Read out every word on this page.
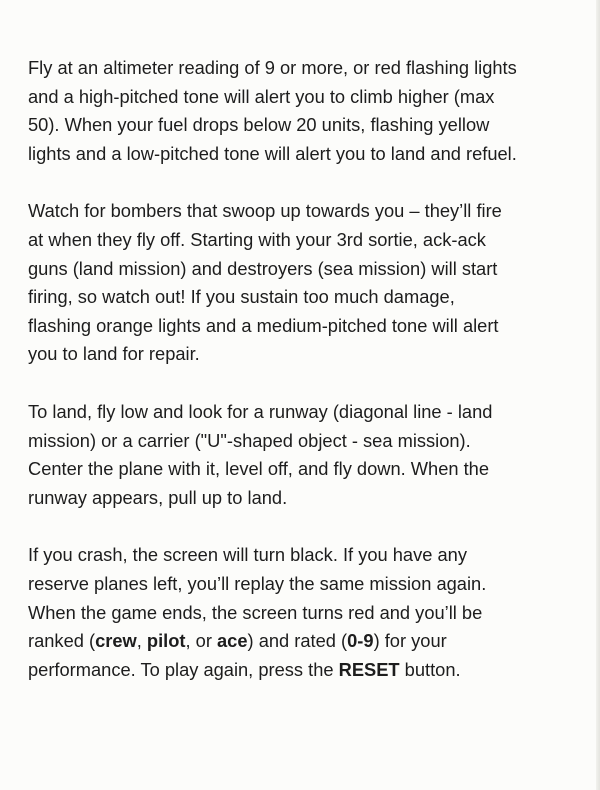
Fly at an altimeter reading of 9 or more, or red flashing lights
and a high-pitched tone will alert you to climb higher (max
50). When your fuel drops below 20 units, flashing yellow
lights and a low-pitched tone will alert you to land and refuel.

Watch for bombers that swoop up towards you – they’ll fire
at when they fly off. Starting with your 3rd sortie, ack-ack
guns (land mission) and destroyers (sea mission) will start
firing, so watch out! If you sustain too much damage,
flashing orange lights and a medium-pitched tone will alert
you to land for repair.

To land, fly low and look for a runway (diagonal line - land
mission) or a carrier ("U"-shaped object - sea mission).
Center the plane with it, level off, and fly down. When the
runway appears, pull up to land.

If you crash, the screen will turn black. If you have any
reserve planes left, you’ll replay the same mission again.
When the game ends, the screen turns red and you’ll be
ranked (crew, pilot, or ace) and rated (0-9) for your
performance. To play again, press the RESET button.
